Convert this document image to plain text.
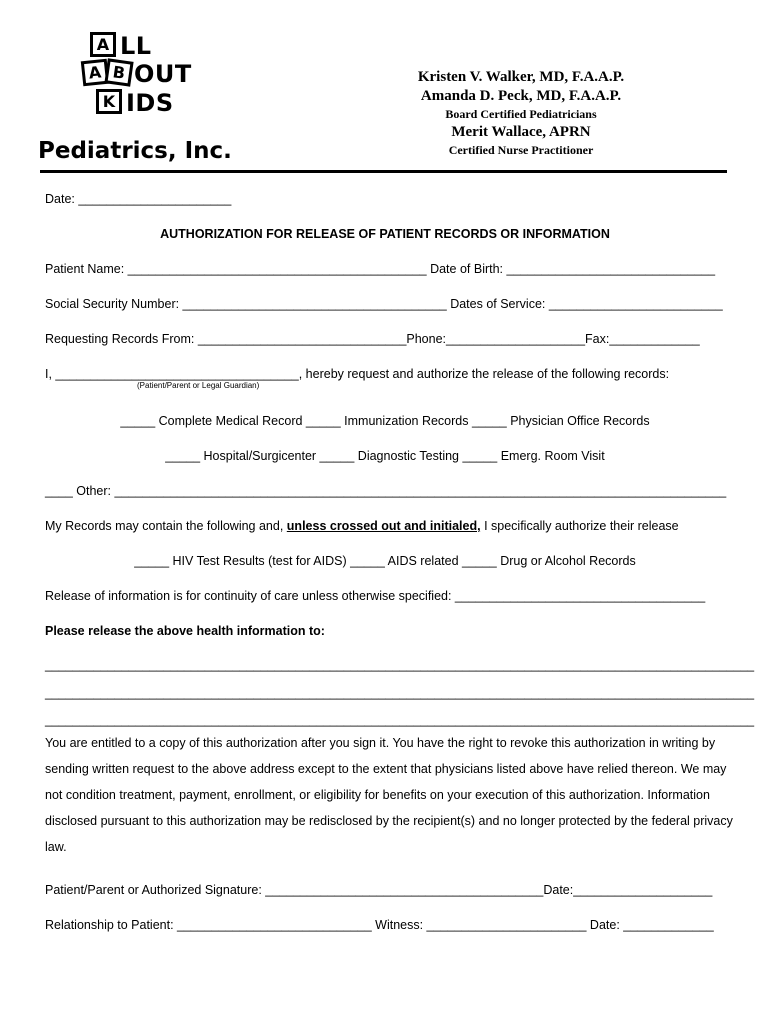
A LL
A B OUT
K IDS
Pediatrics, Inc.
Kristen V. Walker, MD, F.A.A.P.
Amanda D. Peck, MD, F.A.A.P.
Board Certified Pediatricians
Merit Wallace, APRN
Certified Nurse Practitioner
Date: ______________________
AUTHORIZATION FOR RELEASE OF PATIENT RECORDS OR INFORMATION
Patient Name: ___________________________________________ Date of Birth: ______________________________
Social Security Number: ______________________________________ Dates of Service: _________________________
Requesting Records From: ______________________________Phone:____________________Fax:_____________
I, ___________________________________, hereby request and authorize the release of the following records:
(Patient/Parent or Legal Guardian)
_____ Complete Medical Record _____ Immunization Records _____ Physician Office Records
_____ Hospital/Surgicenter _____ Diagnostic Testing _____ Emerg. Room Visit
____ Other: ________________________________________________________________________________________
My Records may contain the following and, unless crossed out and initialed, I specifically authorize their release
_____ HIV Test Results (test for AIDS) _____ AIDS related _____ Drug or Alcohol Records
Release of information is for continuity of care unless otherwise specified: ____________________________________
Please release the above health information to:
______________________________________________________________________________________________________
______________________________________________________________________________________________________
______________________________________________________________________________________________________
You are entitled to a copy of this authorization after you sign it. You have the right to revoke this authorization in writing by sending written request to the above address except to the extent that physicians listed above have relied thereon. We may not condition treatment, payment, enrollment, or eligibility for benefits on your execution of this authorization. Information disclosed pursuant to this authorization may be redisclosed by the recipient(s) and no longer protected by the federal privacy law.
Patient/Parent or Authorized Signature: ________________________________________Date:____________________
Relationship to Patient: ____________________________ Witness: _______________________ Date: _____________
